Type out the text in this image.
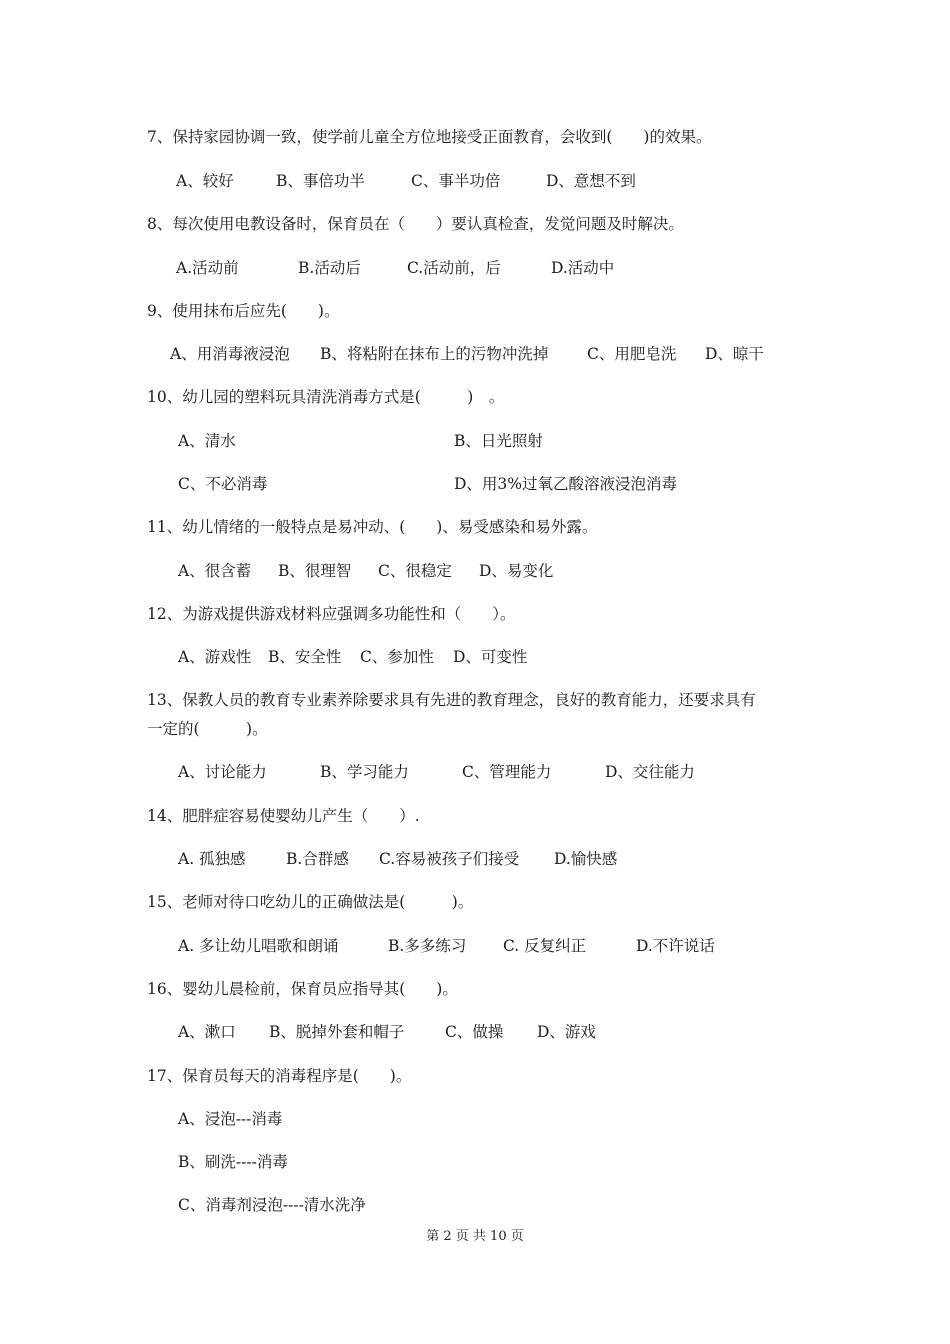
7、保持家园协调一致，使学前儿童全方位地接受正面教育，会收到(　　)的效果。
A、较好	B、事倍功半	C、事半功倍	D、意想不到
8、每次使用电教设备时，保育员在（　　）要认真检查，发觉问题及时解决。
A.活动前	B.活动后	C.活动前，后	D.活动中
9、使用抹布后应先(　　)。
A、用消毒液浸泡 B、将粘附在抹布上的污物冲洗掉 C、用肥皂洗 D、晾干
10、幼儿园的塑料玩具清洗消毒方式是(　　　)　。
A、清水	B、日光照射
C、不必消毒	D、用3%过氧乙酸溶液浸泡消毒
11、幼儿情绪的一般特点是易冲动、(　　)、易受感染和易外露。
A、很含蓄 B、很理智 C、很稳定 D、易变化
12、为游戏提供游戏材料应强调多功能性和（　　）。
A、游戏性 B、安全性 C、参加性 D、可变性
13、保教人员的教育专业素养除要求具有先进的教育理念，良好的教育能力，还要求具有
一定的(　　　)。
A、讨论能力	B、学习能力	C、管理能力	D、交往能力
14、肥胖症容易使婴幼儿产生（　　）.
A. 孤独感	B.合群感 C.容易被孩子们接受 D.愉快感
15、老师对待口吃幼儿的正确做法是(　　　)。
A. 多让幼儿唱歌和朗诵	B.多多练习 C. 反复纠正	D.不许说话
16、婴幼儿晨检前，保育员应指导其(　　)。
A、漱口 B、脱掉外套和帽子	C、做操 D、游戏
17、保育员每天的消毒程序是(　　)。
A、浸泡---消毒
B、刷洗----消毒
C、消毒剂浸泡----清水洗净
第 2 页 共 10 页
